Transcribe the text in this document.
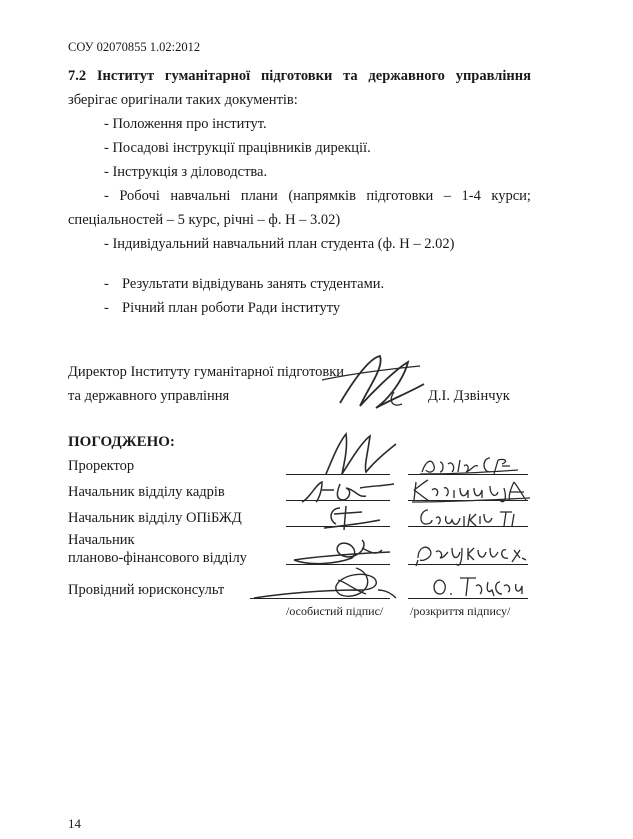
СОУ 02070855 1.02:2012
7.2 Інститут гуманітарної підготовки та державного управління
зберігає оригінали таких документів:
- Положення про інститут.
- Посадові інструкції працівників дирекції.
- Інструкція з діловодства.
- Робочі навчальні плани (напрямків підготовки – 1-4 курси;
спеціальностей – 5 курс, річні – ф. Н – 3.02)
- Індивідуальний навчальний план студента (ф. Н – 2.02)
- Результати відвідувань занять студентами.
- Річний план роботи Ради інституту
Директор Інституту гуманітарної підготовки
та державного управління	Д.І. Дзвінчук
ПОГОДЖЕНО:
Проректор
Начальник відділу кадрів
Начальник відділу ОПіБЖД
Начальник
планово-фінансового відділу
Провідний юрисконсульт
/особистий підпис/ /розкриття підпису/
14
